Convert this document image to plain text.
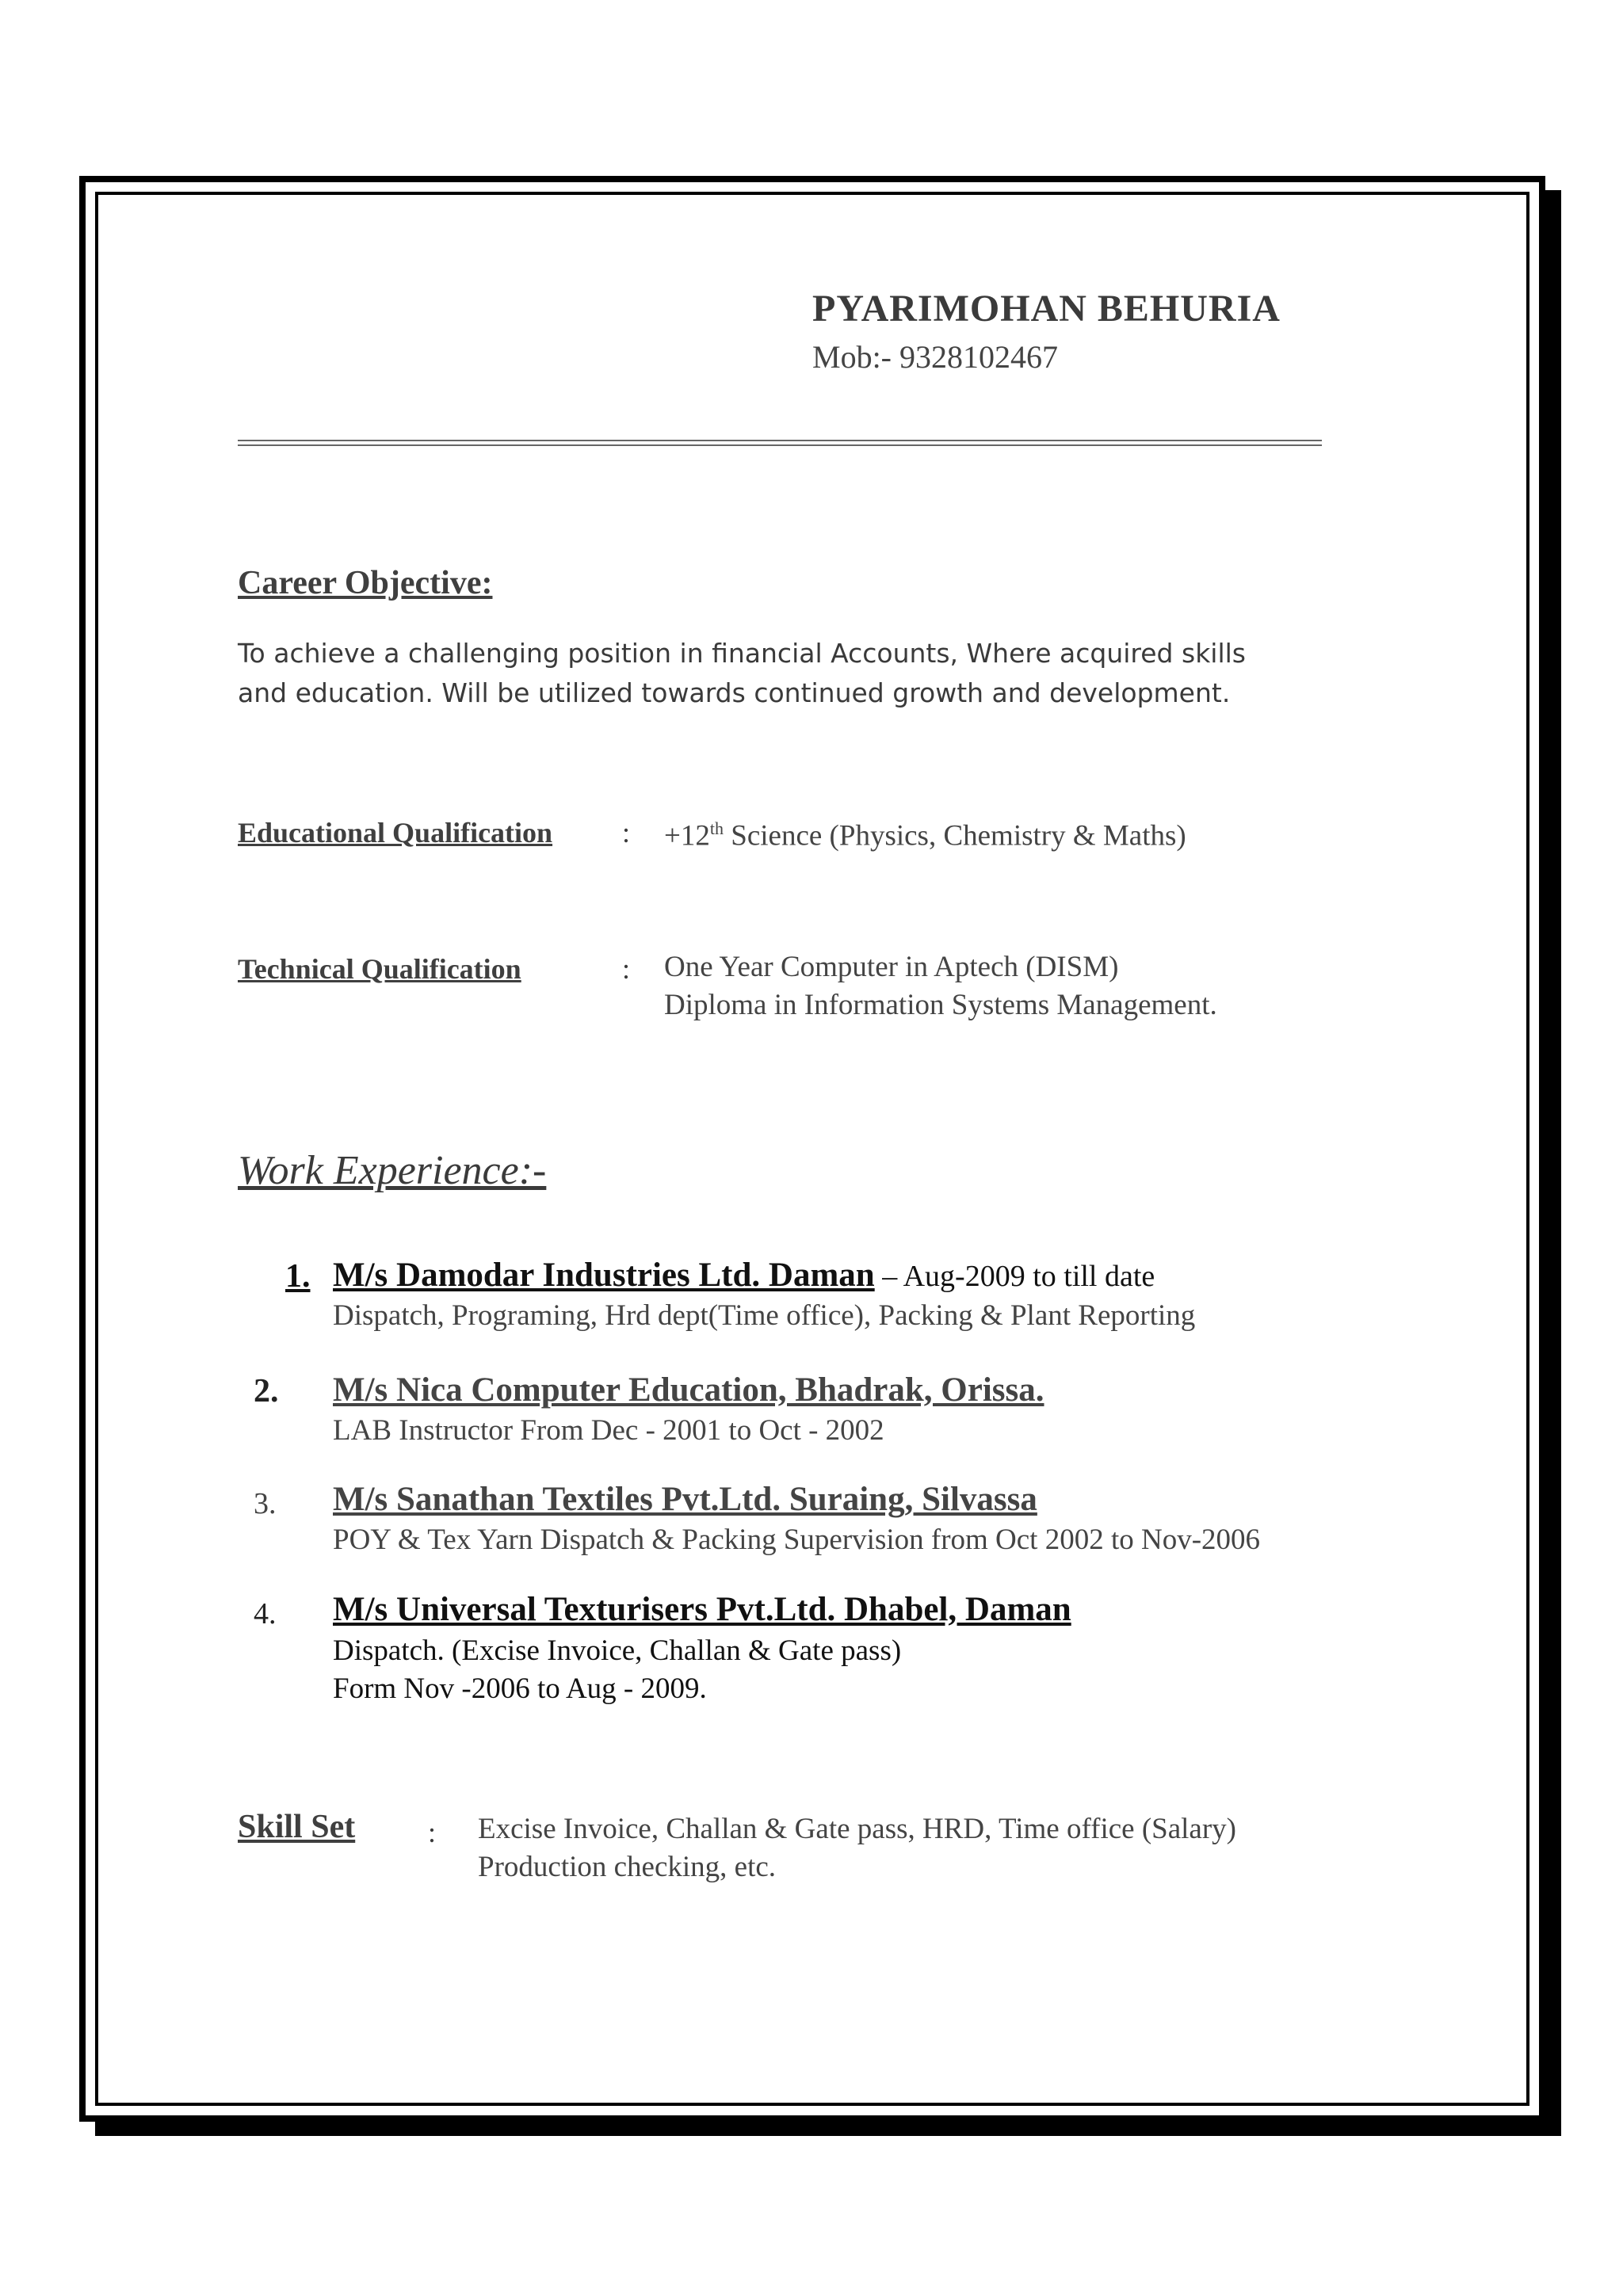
PYARIMOHAN BEHURIA
Mob:- 9328102467
Career Objective:
To achieve a challenging position in financial Accounts, Where acquired skills
and education. Will be utilized towards continued growth and development.
Educational Qualification : +12th Science (Physics, Chemistry & Maths)
Technical Qualification	: One Year Computer in Aptech (DISM)
Diploma in Information Systems Management.
Work Experience:-
1. M/s Damodar Industries Ltd. Daman – Aug-2009 to till date
Dispatch, Programing, Hrd dept(Time office), Packing & Plant Reporting
2. M/s Nica Computer Education, Bhadrak, Orissa.
LAB Instructor From Dec - 2001 to Oct - 2002
3. M/s Sanathan Textiles Pvt.Ltd. Suraing, Silvassa
POY & Tex Yarn Dispatch & Packing Supervision from Oct 2002 to Nov-2006
4. M/s Universal Texturisers Pvt.Ltd. Dhabel, Daman
Dispatch. (Excise Invoice, Challan & Gate pass)
Form Nov -2006 to Aug - 2009.
Skill Set	: Excise Invoice, Challan & Gate pass, HRD, Time office (Salary)
Production checking, etc.
